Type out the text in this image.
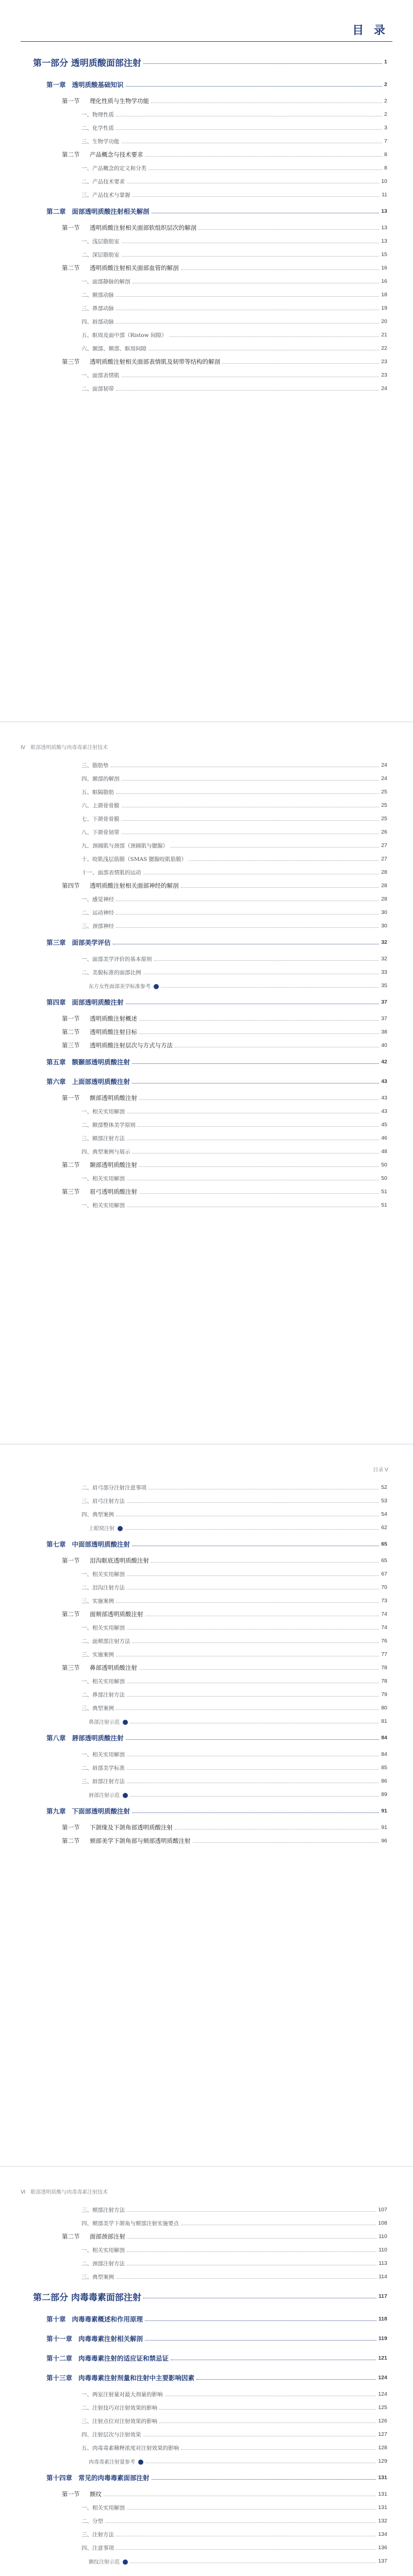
目 录
第一部分 透明质酸面部注射	1
第一章 透明质酸基础知识	2
第一节 理化性质与生物学功能	2
一、物理性质	2
二、化学性质	3
三、生物学功能	7
第二节 产品概念与技术要求	8
一、产品概念的定义和分类	8
二、产品技术要求	10
三、产品技术与掌握	11
第二章 面部透明质酸注射相关解剖	13
第一节 透明质酸注射相关面部软组织层次的解剖	13
一、浅层脂肪室	13
二、深层脂肪室	15
第二节 透明质酸注射相关面部血管的解剖	16
一、面部静脉的解剖	16
二、额部动脉	18
三、鼻部动脉	19
四、唇部动脉	20
五、眶周及面中部（Ristow 间隙）	21
六、颞部、额部、眶周间隙	22
第三节 透明质酸注射相关面部表情肌及韧带等结构的解剖	23
一、面部表情肌	23
二、面部韧带	24
Ⅳ 眼部透明质酸与肉毒毒素注射技术
三、脂肪垫	24
四、颞部的解剖	24
五、眶隔脂肪	25
六、上颌骨骨膜	25
七、下颌骨骨膜	25
八、下颌骨韧带	26
九、颈阔肌与颈部（颈阔肌与腮腺）	27
十、咬肌浅层筋膜（SMAS 腮腺咬肌筋膜）	27
十一、面部表情肌的运动	28
第四节 透明质酸注射相关面部神经的解剖	28
一、感觉神经	28
二、运动神经	30
三、颈部神经	30
第三章 面部美学评估	32
一、面部美学评价的基本原则	32
二、美貌标准的面部比例	33
东方女性面部美学标准参考	35
第四章 面部透明质酸注射	37
第一节 透明质酸注射概述	37
第二节 透明质酸注射目标	38
第三节 透明质酸注射层次与方式与方法	40
第五章 额颞部透明质酸注射	42
第六章 上面部透明质酸注射	43
第一节 额部透明质酸注射	43
一、相关实用解剖	43
二、额部整体美学原则	45
三、额部注射方法	46
四、典型案例与展示	48
第二节 颞部透明质酸注射	50
一、相关实用解剖	50
第三节 眉弓透明质酸注射	51
一、相关实用解剖	51
目录 Ⅴ
二、眉弓部分注射注意事项	52
三、眉弓注射方法	53
四、典型案例	54
上眼窝注射	62
第七章 中面部透明质酸注射	65
第一节 泪沟眶底透明质酸注射	65
一、相关实用解剖	67
二、泪沟注射方法	70
三、实施案例	73
第二节 面颊部透明质酸注射	74
一、相关实用解剖	74
二、面颊部注射方法	76
三、实施案例	77
第三节 鼻部透明质酸注射	78
一、相关实用解剖	78
二、鼻部注射方法	79
三、典型案例	80
鼻部注射示范	81
第八章 唇部透明质酸注射	84
一、相关实用解剖	84
二、唇部美学标准	85
三、唇部注射方法	86
唇部注射示范	89
第九章 下面部透明质酸注射	91
第一节 下颌缘及下颌角部透明质酸注射	91
第二节 颏部美学下颌角部与颏部透明质酸注射	96
Ⅵ 眼部透明质酸与肉毒毒素注射技术
三、颏部注射方法	107
四、颏部美学下颌角与颏部注射实施要点	108
第二节 面部颈部注射	110
一、相关实用解剖	110
二、颈部注射方法	113
三、典型案例	114
第二部分 肉毒毒素面部注射	117
第十章 肉毒毒素概述和作用原理	118
第十一章 肉毒毒素注射相关解剖	119
第十二章 肉毒毒素注射的适应证和禁忌证	121
第十三章 肉毒毒素注射剂量和注射中主要影响因素	124
一、两室注射量对最大剂量的影响	124
二、注射技巧对注射效果的影响	125
三、注射点位对注射效果的影响	126
四、注射层次与注射效果	127
五、肉毒毒素稀释浓度对注射效果的影响	128
肉毒毒素注射量参考	129
第十四章 常见的肉毒毒素面部注射	131
第一节 额纹	131
一、相关实用解剖	131
二、分型	132
三、注射方法	134
四、注意事项	136
额纹注射示范	137
